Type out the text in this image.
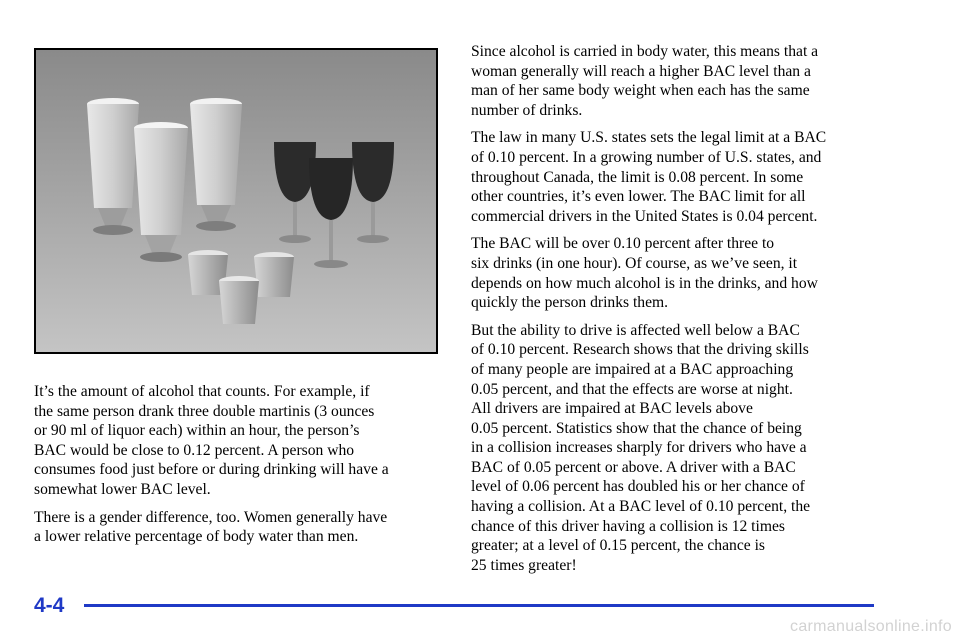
It’s the amount of alcohol that counts. For example, if
the same person drank three double martinis (3 ounces
or 90 ml of liquor each) within an hour, the person’s
BAC would be close to 0.12 percent. A person who
consumes food just before or during drinking will have a
somewhat lower BAC level.

There is a gender difference, too. Women generally have
a lower relative percentage of body water than men.

Since alcohol is carried in body water, this means that a
woman generally will reach a higher BAC level than a
man of her same body weight when each has the same
number of drinks.

The law in many U.S. states sets the legal limit at a BAC
of 0.10 percent. In a growing number of U.S. states, and
throughout Canada, the limit is 0.08 percent. In some
other countries, it’s even lower. The BAC limit for all
commercial drivers in the United States is 0.04 percent.

The BAC will be over 0.10 percent after three to
six drinks (in one hour). Of course, as we’ve seen, it
depends on how much alcohol is in the drinks, and how
quickly the person drinks them.

But the ability to drive is affected well below a BAC
of 0.10 percent. Research shows that the driving skills
of many people are impaired at a BAC approaching
0.05 percent, and that the effects are worse at night.
All drivers are impaired at BAC levels above
0.05 percent. Statistics show that the chance of being
in a collision increases sharply for drivers who have a
BAC of 0.05 percent or above. A driver with a BAC
level of 0.06 percent has doubled his or her chance of
having a collision. At a BAC level of 0.10 percent, the
chance of this driver having a collision is 12 times
greater; at a level of 0.15 percent, the chance is
25 times greater!

4-4
carmanualsonline.info
